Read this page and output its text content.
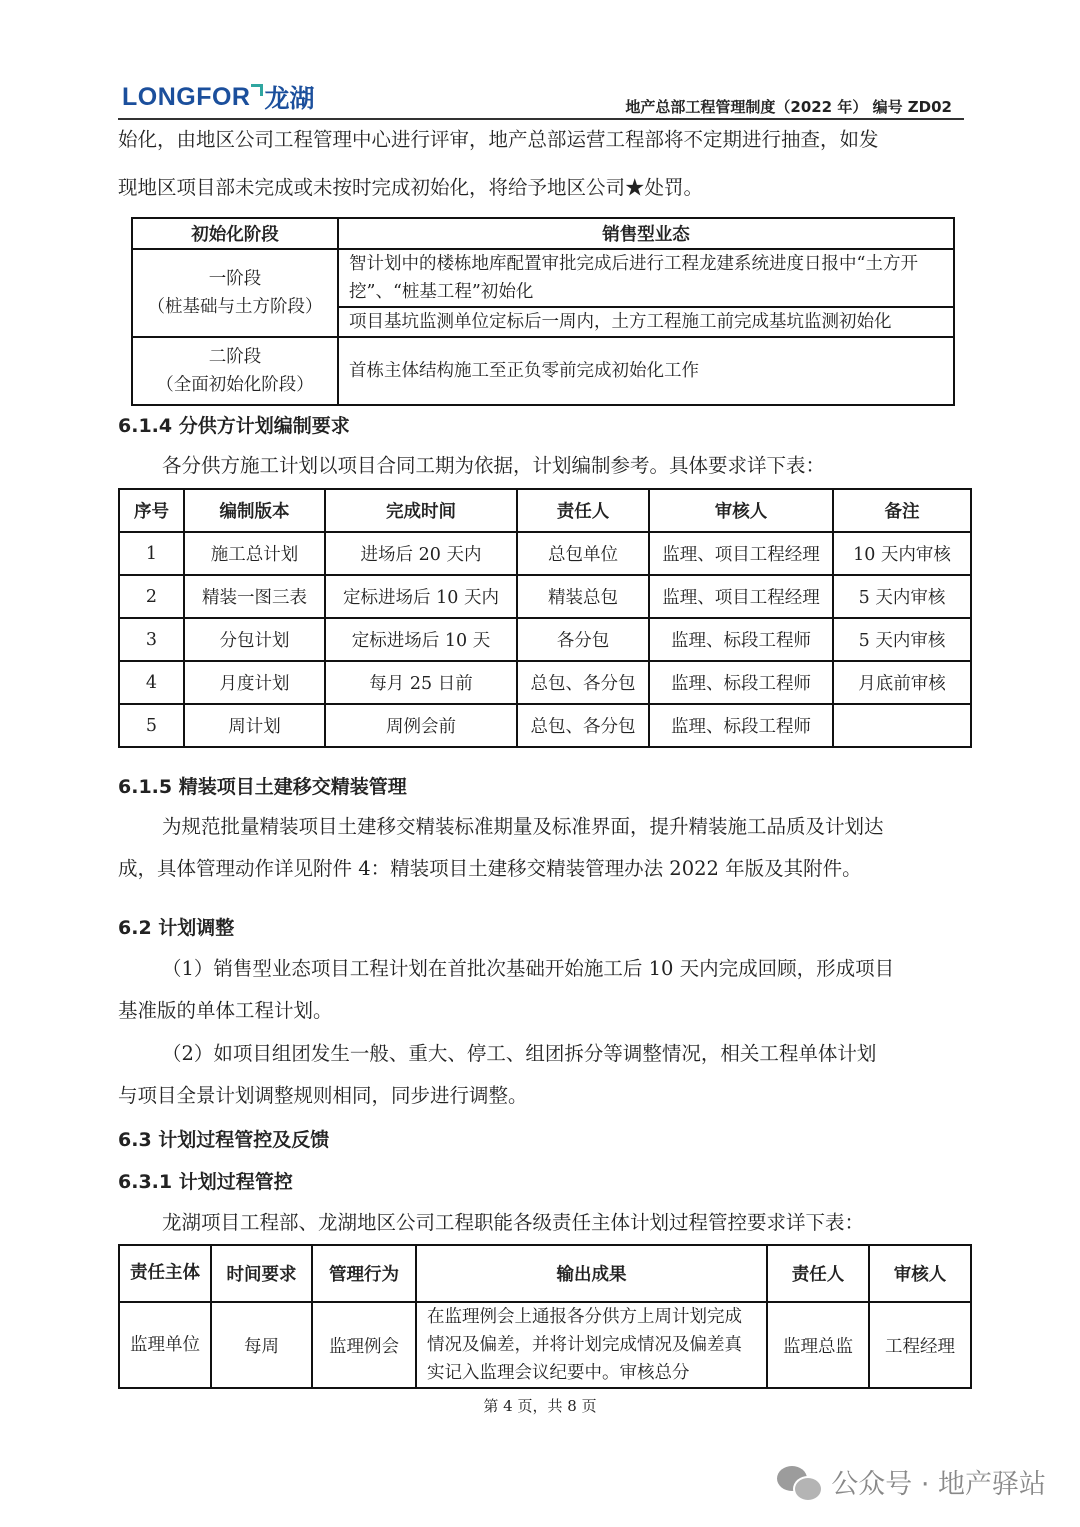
LONGFOR 龙湖	地产总部工程管理制度（2022 年） 编号 ZD02

始化，由地区公司工程管理中心进行评审，地产总部运营工程部将不定期进行抽查，如发

现地区项目部未完成或未按时完成初始化，将给予地区公司★处罚。

初始化阶段	销售型业态

一阶段
（桩基础与土方阶段）	智计划中的楼栋地库配置审批完成后进行工程龙建系统进度日报中“土方开挖”、“桩基工程”初始化
	项目基坑监测单位定标后一周内，土方工程施工前完成基坑监测初始化

二阶段
（全面初始化阶段）	首栋主体结构施工至正负零前完成初始化工作
6.1.4 分供方计划编制要求

各分供方施工计划以项目合同工期为依据，计划编制参考。具体要求详下表：

序号	编制版本	完成时间	责任人	审核人	备注
1	施工总计划	进场后 20 天内	总包单位	监理、项目工程经理	10 天内审核
2	精装一图三表	定标进场后 10 天内	精装总包	监理、项目工程经理	5 天内审核
3	分包计划	定标进场后 10 天	各分包	监理、标段工程师	5 天内审核
4	月度计划	每月 25 日前	总包、各分包	监理、标段工程师	月底前审核
5	周计划	周例会前	总包、各分包	监理、标段工程师	
6.1.5 精装项目土建移交精装管理

为规范批量精装项目土建移交精装标准期量及标准界面，提升精装施工品质及计划达

成，具体管理动作详见附件 4：精装项目土建移交精装管理办法 2022 年版及其附件。

6.2 计划调整

（1）销售型业态项目工程计划在首批次基础开始施工后 10 天内完成回顾，形成项目

基准版的单体工程计划。

（2）如项目组团发生一般、重大、停工、组团拆分等调整情况，相关工程单体计划

与项目全景计划调整规则相同，同步进行调整。

6.3 计划过程管控及反馈
6.3.1 计划过程管控

龙湖项目工程部、龙湖地区公司工程职能各级责任主体计划过程管控要求详下表：

责任主体	时间要求	管理行为	输出成果	责任人	审核人
监理单位	每周	监理例会	在监理例会上通报各分供方上周计划完成情况及偏差，并将计划完成情况及偏差真实记入监理会议纪要中。审核总分	监理总监	工程经理
第 4 页，共 8 页
公众号 · 地产驿站
